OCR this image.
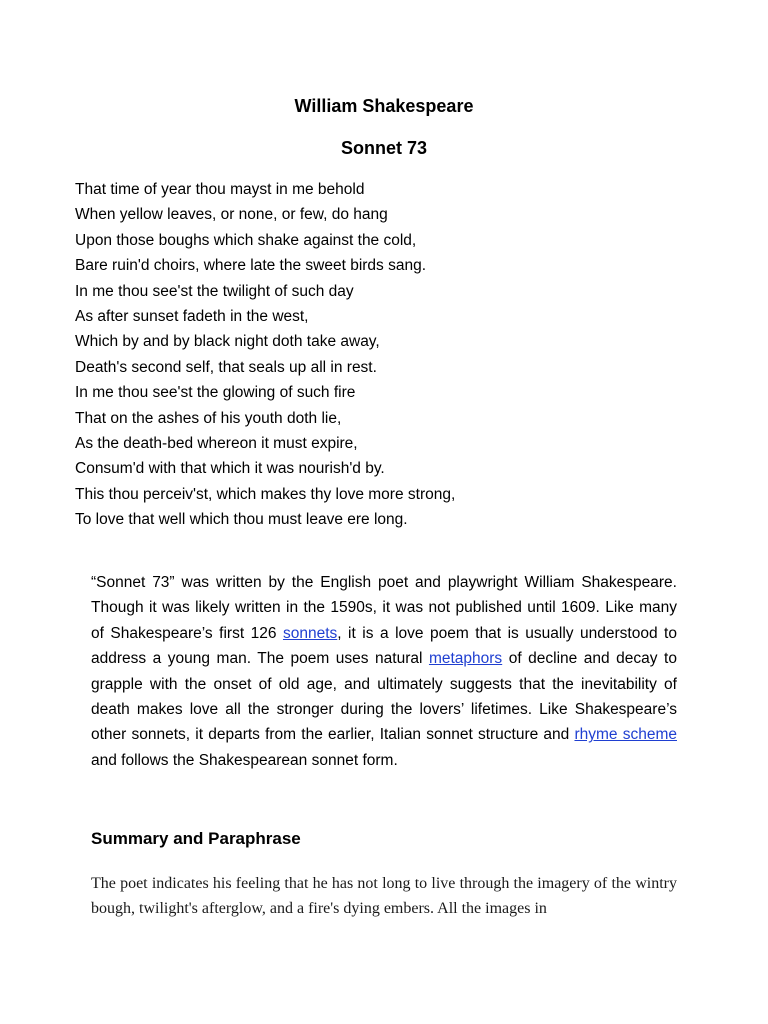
William Shakespeare
Sonnet 73
That time of year thou mayst in me behold
When yellow leaves, or none, or few, do hang
Upon those boughs which shake against the cold,
Bare ruin'd choirs, where late the sweet birds sang.
In me thou see'st the twilight of such day
As after sunset fadeth in the west,
Which by and by black night doth take away,
Death's second self, that seals up all in rest.
In me thou see'st the glowing of such fire
That on the ashes of his youth doth lie,
As the death-bed whereon it must expire,
Consum'd with that which it was nourish'd by.
This thou perceiv'st, which makes thy love more strong,
To love that well which thou must leave ere long.
“Sonnet 73” was written by the English poet and playwright William Shakespeare. Though it was likely written in the 1590s, it was not published until 1609. Like many of Shakespeare’s first 126 sonnets, it is a love poem that is usually understood to address a young man. The poem uses natural metaphors of decline and decay to grapple with the onset of old age, and ultimately suggests that the inevitability of death makes love all the stronger during the lovers’ lifetimes. Like Shakespeare’s other sonnets, it departs from the earlier, Italian sonnet structure and rhyme scheme and follows the Shakespearean sonnet form.
Summary and Paraphrase
The poet indicates his feeling that he has not long to live through the imagery of the wintry bough, twilight's afterglow, and a fire's dying embers. All the images in
